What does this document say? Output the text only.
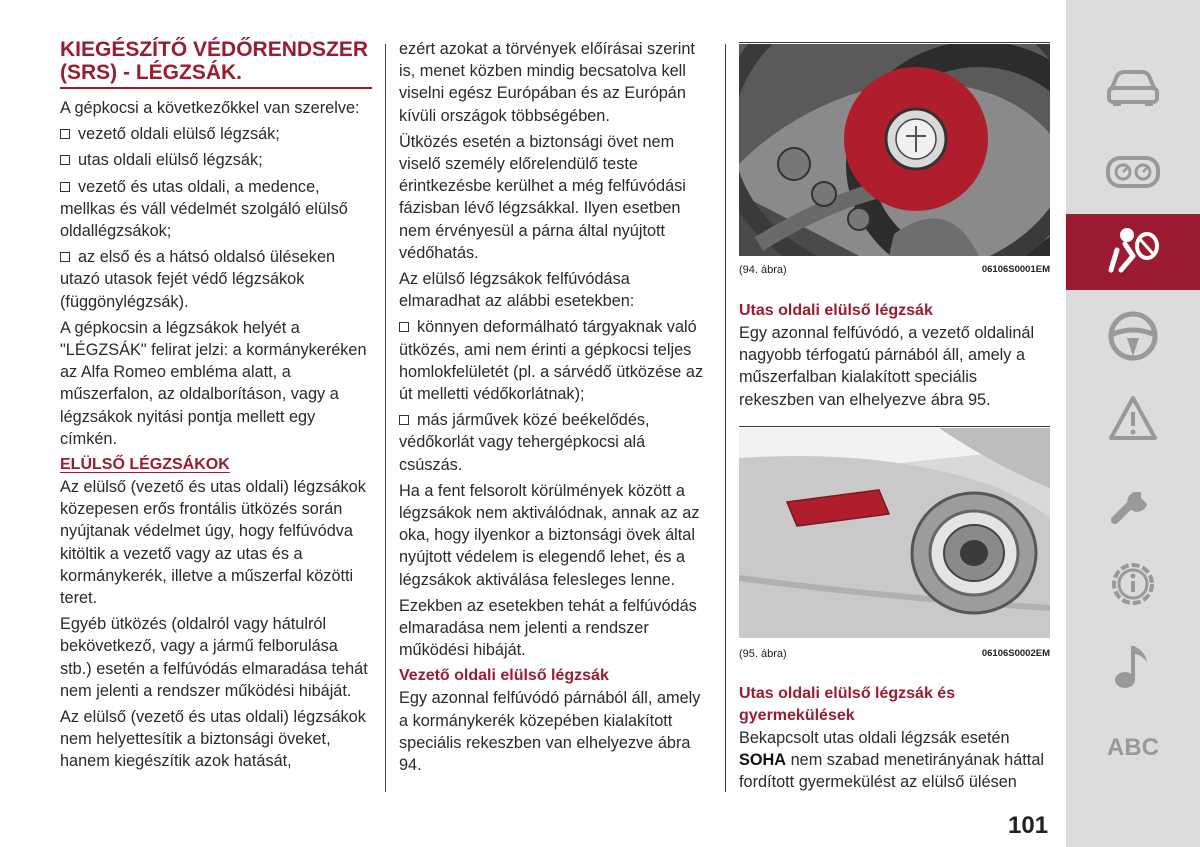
KIEGÉSZÍTŐ VÉDŐRENDSZER (SRS) - LÉGZSÁK.

A gépkocsi a következőkkel van szerelve:

vezető oldali elülső légzsák;

utas oldali elülső légzsák;

vezető és utas oldali, a medence, mellkas és váll védelmét szolgáló elülső oldallégzsákok;

az első és a hátsó oldalsó üléseken utazó utasok fejét védő légzsákok (függönylégzsák).

A gépkocsin a légzsákok helyét a "LÉGZSÁK" felirat jelzi: a kormánykeréken az Alfa Romeo embléma alatt, a műszerfalon, az oldalborításon, vagy a légzsákok nyitási pontja mellett egy címkén.

ELÜLSŐ LÉGZSÁKOK

Az elülső (vezető és utas oldali) légzsákok közepesen erős frontális ütközés során nyújtanak védelmet úgy, hogy felfúvódva kitöltik a vezető vagy az utas és a kormánykerék, illetve a műszerfal közötti teret.

Egyéb ütközés (oldalról vagy hátulról bekövetkező, vagy a jármű felborulása stb.) esetén a felfúvódás elmaradása tehát nem jelenti a rendszer működési hibáját.

Az elülső (vezető és utas oldali) légzsákok nem helyettesítik a biztonsági öveket, hanem kiegészítik azok hatását,

ezért azokat a törvények előírásai szerint is, menet közben mindig becsatolva kell viselni egész Európában és az Európán kívüli országok többségében.

Ütközés esetén a biztonsági övet nem viselő személy előrelendülő teste érintkezésbe kerülhet a még felfúvódási fázisban lévő légzsákkal. Ilyen esetben nem érvényesül a párna által nyújtott védőhatás.

Az elülső légzsákok felfúvódása elmaradhat az alábbi esetekben:

könnyen deformálható tárgyaknak való ütközés, ami nem érinti a gépkocsi teljes homlokfelületét (pl. a sárvédő ütközése az út melletti védőkorlátnak);

más járművek közé beékelődés, védőkorlát vagy tehergépkocsi alá csúszás.

Ha a fent felsorolt körülmények között a légzsákok nem aktiválódnak, annak az az oka, hogy ilyenkor a biztonsági övek által nyújtott védelem is elegendő lehet, és a légzsákok aktiválása felesleges lenne.

Ezekben az esetekben tehát a felfúvódás elmaradása nem jelenti a rendszer működési hibáját.

Vezető oldali elülső légzsák

Egy azonnal felfúvódó párnából áll, amely a kormánykerék közepében kialakított speciális rekeszben van elhelyezve ábra 94.

(94. ábra)	06106S0001EM
Utas oldali elülső légzsák

Egy azonnal felfúvódó, a vezető oldalinál nagyobb térfogatú párnából áll, amely a műszerfalban kialakított speciális rekeszben van elhelyezve ábra 95.

(95. ábra)	06106S0002EM
Utas oldali elülső légzsák és gyermekülések

Bekapcsolt utas oldali légzsák esetén SOHA nem szabad menetirányának háttal fordított gyermekülést az elülső ülésen

101
ABC
